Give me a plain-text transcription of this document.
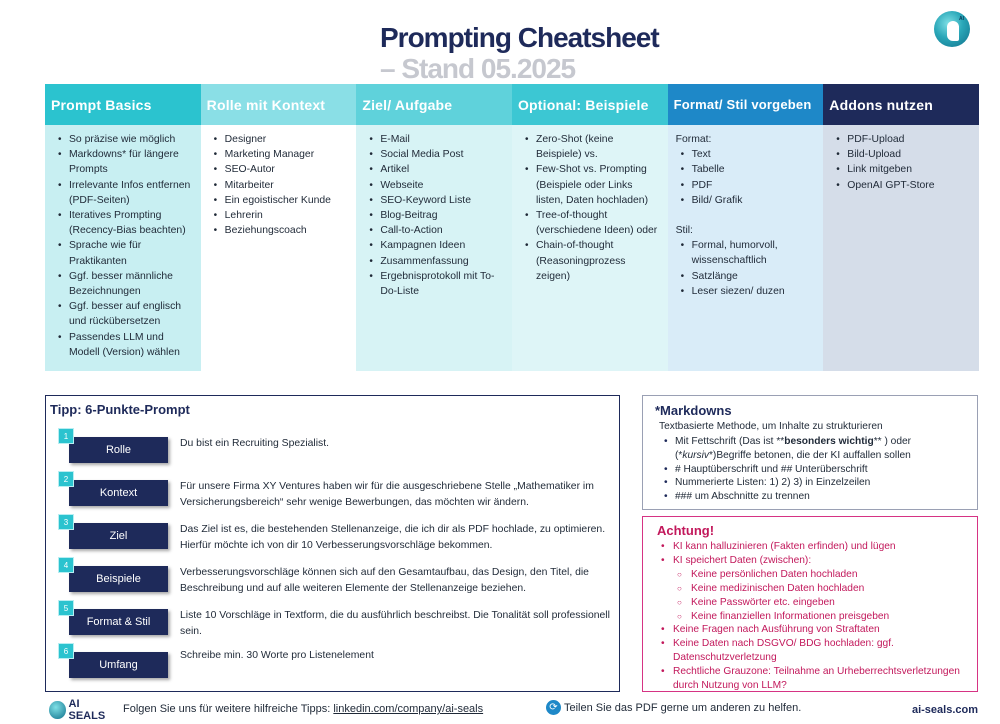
Prompting Cheatsheet
– Stand 05.2025
AI
Prompt Basics
• So präzise wie möglich
• Markdowns* für längere Prompts
• Irrelevante Infos entfernen (PDF-Seiten)
• Iteratives Prompting (Recency-Bias beachten)
• Sprache wie für Praktikanten
• Ggf. besser männliche Bezeichnungen
• Ggf. besser auf englisch und rückübersetzen
• Passendes LLM und Modell (Version) wählen
Rolle mit Kontext
• Designer
• Marketing Manager
• SEO-Autor
• Mitarbeiter
• Ein egoistischer Kunde
• Lehrerin
• Beziehungscoach
Ziel/ Aufgabe
• E-Mail
• Social Media Post
• Artikel
• Webseite
• SEO-Keyword Liste
• Blog-Beitrag
• Call-to-Action
• Kampagnen Ideen
• Zusammenfassung
• Ergebnisprotokoll mit To-Do-Liste
Optional: Beispiele
• Zero-Shot (keine Beispiele) vs.
• Few-Shot vs. Prompting (Beispiele oder Links listen, Daten hochladen)
• Tree-of-thought (verschiedene Ideen) oder
• Chain-of-thought (Reasoningprozess zeigen)
Format/ Stil vorgeben
Format:
• Text
• Tabelle
• PDF
• Bild/ Grafik
Stil:
• Formal, humorvoll, wissenschaftlich
• Satzlänge
• Leser siezen/ duzen
Addons nutzen
• PDF-Upload
• Bild-Upload
• Link mitgeben
• OpenAI GPT-Store
Tipp: 6-Punkte-Prompt
Rolle
1
Du bist ein Recruiting Spezialist.
Kontext
2
Für unsere Firma XY Ventures haben wir für die ausgeschriebene Stelle „Mathematiker im Versicherungsbereich“ sehr wenige Bewerbungen, das möchten wir ändern.
Ziel
3
Das Ziel ist es, die bestehenden Stellenanzeige, die ich dir als PDF hochlade, zu optimieren. Hierfür möchte ich von dir 10 Verbesserungsvorschläge bekommen.
Beispiele
4
Verbesserungsvorschläge können sich auf den Gesamtaufbau, das Design, den Titel, die Beschreibung und auf alle weiteren Elemente der Stellenanzeige beziehen.
Format & Stil
5
Liste 10 Vorschläge in Textform, die du ausführlich beschreibst. Die Tonalität soll professionell sein.
Umfang
6	Schreibe min. 30 Worte pro Listenelement
*Markdowns
Textbasierte Methode, um Inhalte zu strukturieren
• Mit Fettschrift (Das ist **besonders wichtig** ) oder (*kursiv*)Begriffe betonen, die der KI auffallen sollen
• # Hauptüberschrift und ## Unterüberschrift
• Nummerierte Listen: 1) 2) 3) in Einzelzeilen
• ### um Abschnitte zu trennen
Achtung!
• KI kann halluzinieren (Fakten erfinden) und lügen
• KI speichert Daten (zwischen):
○ Keine persönlichen Daten hochladen
○ Keine medizinischen Daten hochladen
○ Keine Passwörter etc. eingeben
○ Keine finanziellen Informationen preisgeben
• Keine Fragen nach Ausführung von Straftaten
• Keine Daten nach DSGVO/ BDG hochladen: ggf. Datenschutzverletzung
• Rechtliche Grauzone: Teilnahme an Urheberrechtsverletzungen durch Nutzung von LLM?
AI SEALS
Folgen Sie uns für weitere hilfreiche Tipps: linkedin.com/company/ai-seals	⟳ Teilen Sie das PDF gerne um anderen zu helfen.	ai-seals.com
